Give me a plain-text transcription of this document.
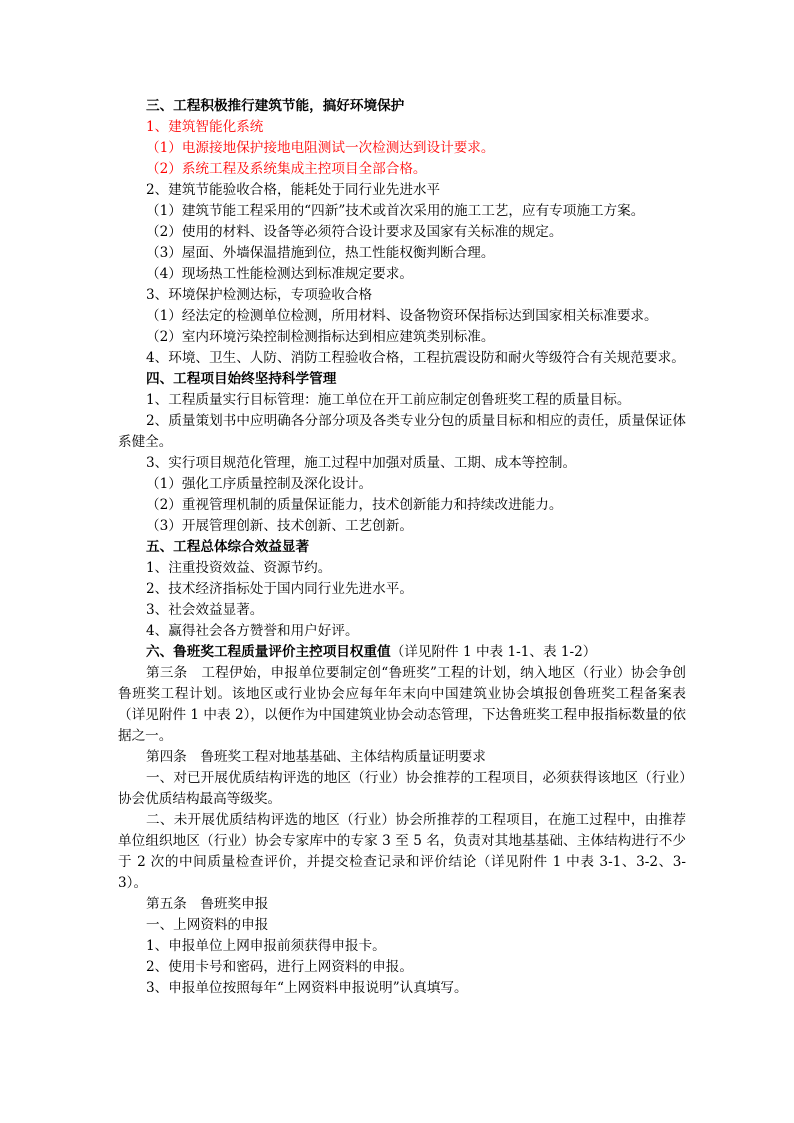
三、工程积极推行建筑节能，搞好环境保护

1、建筑智能化系统

（1）电源接地保护接地电阻测试一次检测达到设计要求。

（2）系统工程及系统集成主控项目全部合格。

2、建筑节能验收合格，能耗处于同行业先进水平

（1）建筑节能工程采用的“四新”技术或首次采用的施工工艺，应有专项施工方案。

（2）使用的材料、设备等必须符合设计要求及国家有关标准的规定。

（3）屋面、外墙保温措施到位，热工性能权衡判断合理。

（4）现场热工性能检测达到标准规定要求。

3、环境保护检测达标，专项验收合格

（1）经法定的检测单位检测，所用材料、设备物资环保指标达到国家相关标准要求。

（2）室内环境污染控制检测指标达到相应建筑类别标准。

4、环境、卫生、人防、消防工程验收合格，工程抗震设防和耐火等级符合有关规范要求。

四、工程项目始终坚持科学管理

1、工程质量实行目标管理：施工单位在开工前应制定创鲁班奖工程的质量目标。

2、质量策划书中应明确各分部分项及各类专业分包的质量目标和相应的责任，质量保证体系健全。

3、实行项目规范化管理，施工过程中加强对质量、工期、成本等控制。

（1）强化工序质量控制及深化设计。

（2）重视管理机制的质量保证能力，技术创新能力和持续改进能力。

（3）开展管理创新、技术创新、工艺创新。

五、工程总体综合效益显著

1、注重投资效益、资源节约。

2、技术经济指标处于国内同行业先进水平。

3、社会效益显著。

4、赢得社会各方赞誉和用户好评。

六、鲁班奖工程质量评价主控项目权重值（详见附件 1 中表 1-1、表 1-2）

第三条　工程伊始，申报单位要制定创“鲁班奖”工程的计划，纳入地区（行业）协会争创鲁班奖工程计划。该地区或行业协会应每年年末向中国建筑业协会填报创鲁班奖工程备案表（详见附件 1 中表 2），以便作为中国建筑业协会动态管理，下达鲁班奖工程申报指标数量的依据之一。

第四条　鲁班奖工程对地基基础、主体结构质量证明要求

一、对已开展优质结构评选的地区（行业）协会推荐的工程项目，必须获得该地区（行业）协会优质结构最高等级奖。

二、未开展优质结构评选的地区（行业）协会所推荐的工程项目，在施工过程中，由推荐单位组织地区（行业）协会专家库中的专家 3 至 5 名，负责对其地基基础、主体结构进行不少于 2 次的中间质量检查评价，并提交检查记录和评价结论（详见附件 1 中表 3-1、3-2、3-3）。

第五条　鲁班奖申报

一、上网资料的申报

1、申报单位上网申报前须获得申报卡。

2、使用卡号和密码，进行上网资料的申报。

3、申报单位按照每年“上网资料申报说明”认真填写。
